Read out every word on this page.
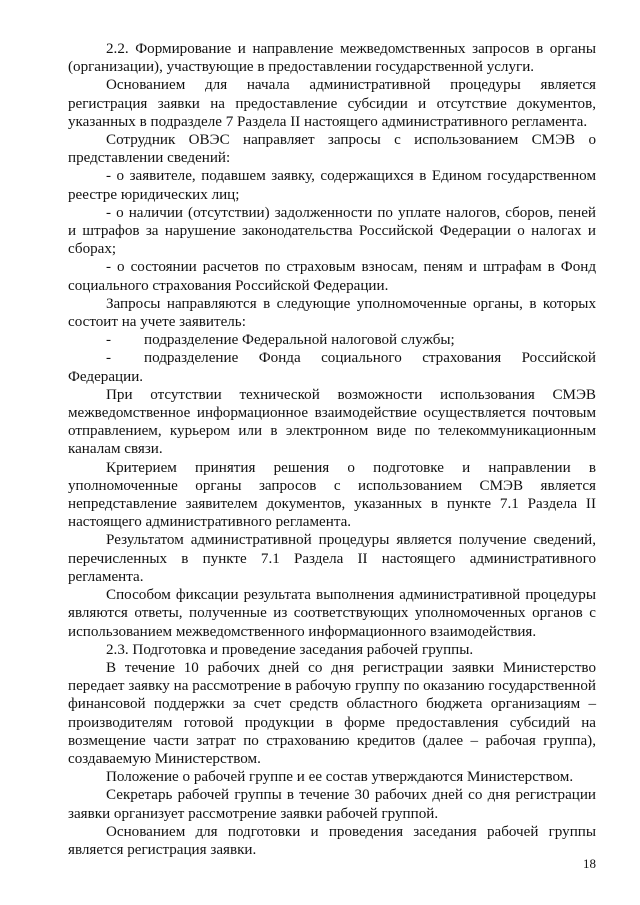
2.2. Формирование и направление межведомственных запросов в органы (организации), участвующие в предоставлении государственной услуги.

Основанием для начала административной процедуры является регистрация заявки на предоставление субсидии и отсутствие документов, указанных в подразделе 7 Раздела II настоящего административного регламента.

Сотрудник ОВЭС направляет запросы с использованием СМЭВ о представлении сведений:

- о заявителе, подавшем заявку, содержащихся в Едином государственном реестре юридических лиц;

- о наличии (отсутствии) задолженности по уплате налогов, сборов, пеней и штрафов за нарушение законодательства Российской Федерации о налогах и сборах;

- о состоянии расчетов по страховым взносам, пеням и штрафам в Фонд социального страхования Российской Федерации.

Запросы направляются в следующие уполномоченные органы, в которых состоит на учете заявитель:

- подразделение Федеральной налоговой службы;
- подразделение Фонда социального страхования Российской Федерации.

При отсутствии технической возможности использования СМЭВ межведомственное информационное взаимодействие осуществляется почтовым отправлением, курьером или в электронном виде по телекоммуникационным каналам связи.

Критерием принятия решения о подготовке и направлении в уполномоченные органы запросов с использованием СМЭВ является непредставление заявителем документов, указанных в пункте 7.1 Раздела II настоящего административного регламента.

Результатом административной процедуры является получение сведений, перечисленных в пункте 7.1 Раздела II настоящего административного регламента.

Способом фиксации результата выполнения административной процедуры являются ответы, полученные из соответствующих уполномоченных органов с использованием межведомственного информационного взаимодействия.

2.3. Подготовка и проведение заседания рабочей группы.

В течение 10 рабочих дней со дня регистрации заявки Министерство передает заявку на рассмотрение в рабочую группу по оказанию государственной финансовой поддержки за счет средств областного бюджета организациям – производителям готовой продукции в форме предоставления субсидий на возмещение части затрат по страхованию кредитов (далее – рабочая группа), создаваемую Министерством.

Положение о рабочей группе и ее состав утверждаются Министерством.

Секретарь рабочей группы в течение 30 рабочих дней со дня регистрации заявки организует рассмотрение заявки рабочей группой.

Основанием для подготовки и проведения заседания рабочей группы является регистрация заявки.

18
